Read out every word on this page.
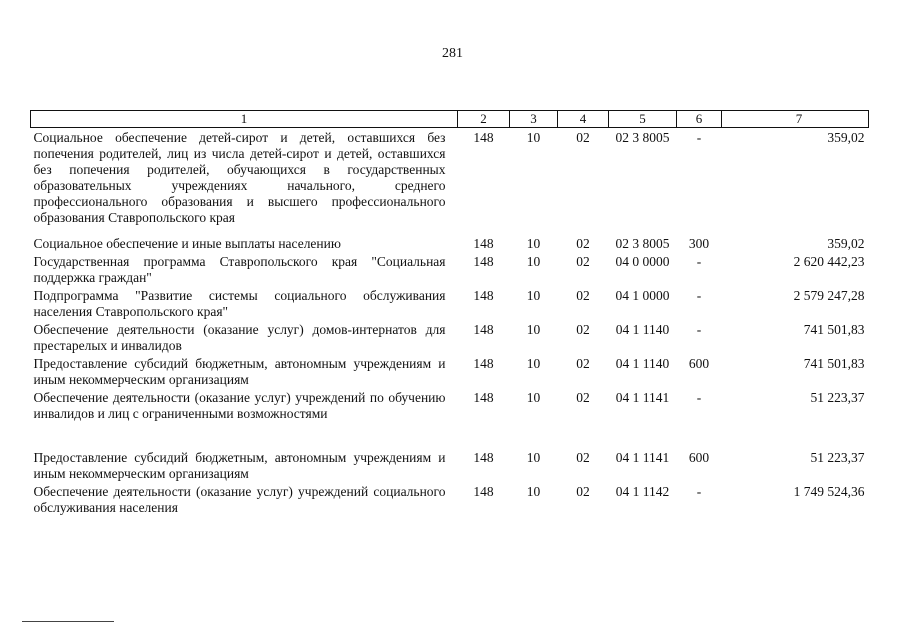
281
1	2	3	4	5	6	7
Социальное обеспечение детей-сирот и детей, оставшихся без попечения родителей, лиц из числа детей-сирот и детей, оставшихся без попечения родителей, обучающихся в государственных образовательных учреждениях начального, среднего профессионального образования и высшего профессионального образования Ставропольского края	148	10	02	02 3 8005	-	359,02
Социальное обеспечение и иные выплаты населению	148	10	02	02 3 8005	300	359,02
Государственная программа Ставропольского края "Социальная поддержка граждан"	148	10	02	04 0 0000	-	2 620 442,23
Подпрограмма "Развитие системы социального обслуживания населения Ставропольского края"	148	10	02	04 1 0000	-	2 579 247,28
Обеспечение деятельности (оказание услуг) домов-интернатов для престарелых и инвалидов	148	10	02	04 1 1140	-	741 501,83
Предоставление субсидий бюджетным, автономным учреждениям и иным некоммерческим организациям	148	10	02	04 1 1140	600	741 501,83
Обеспечение деятельности (оказание услуг) учреждений по обучению инвалидов и лиц с ограниченными возможностями	148	10	02	04 1 1141	-	51 223,37
Предоставление субсидий бюджетным, автономным учреждениям и иным некоммерческим организациям	148	10	02	04 1 1141	600	51 223,37
Обеспечение деятельности (оказание услуг) учреждений социального обслуживания населения	148	10	02	04 1 1142	-	1 749 524,36
